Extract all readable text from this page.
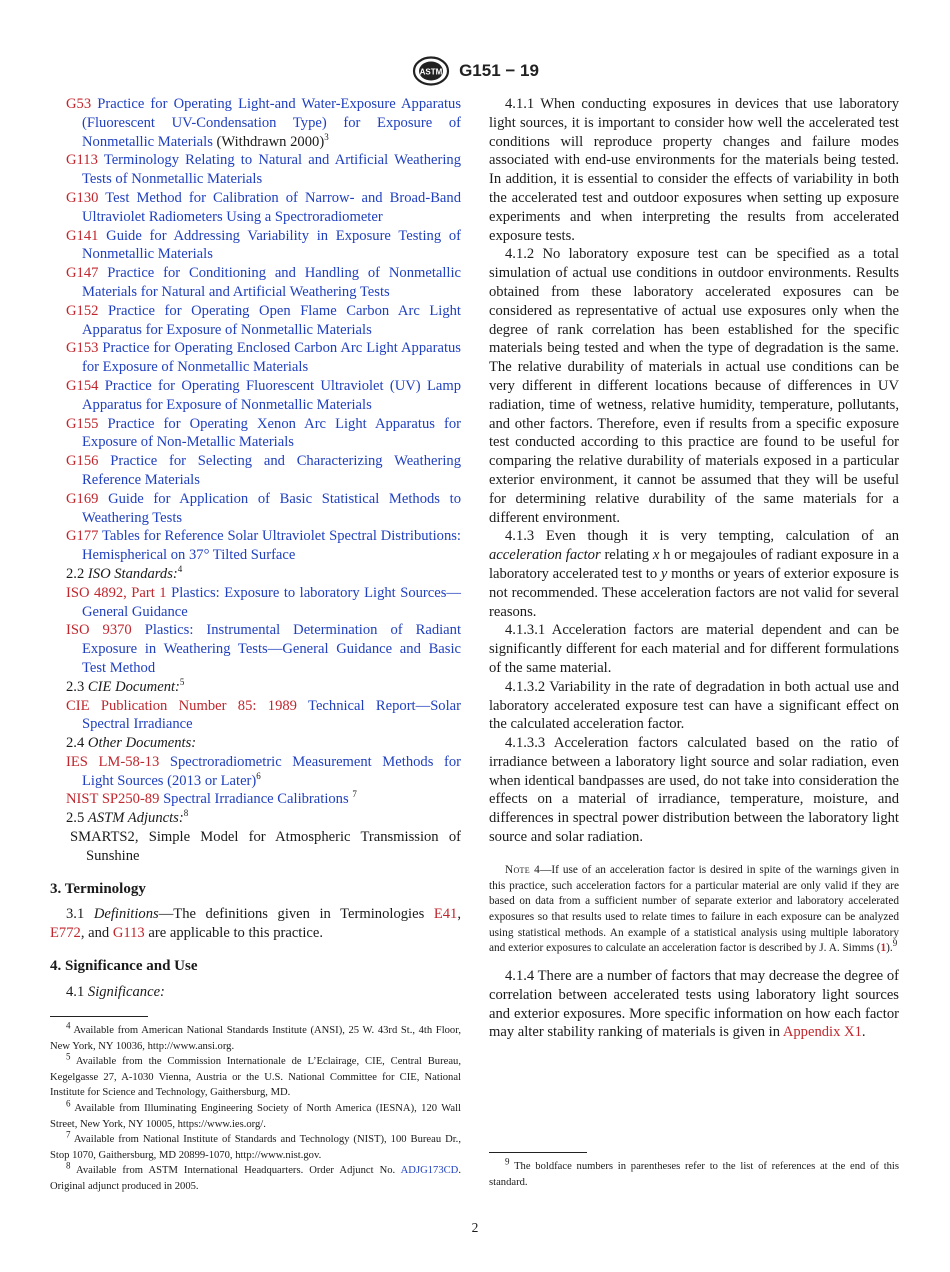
ASTM G151 − 19

G53 Practice for Operating Light-and Water-Exposure Apparatus (Fluorescent UV-Condensation Type) for Exposure of Nonmetallic Materials (Withdrawn 2000)$^3$

G113 Terminology Relating to Natural and Artificial Weathering Tests of Nonmetallic Materials

G130 Test Method for Calibration of Narrow- and Broad-Band Ultraviolet Radiometers Using a Spectroradiometer

G141 Guide for Addressing Variability in Exposure Testing of Nonmetallic Materials

G147 Practice for Conditioning and Handling of Nonmetallic Materials for Natural and Artificial Weathering Tests

G152 Practice for Operating Open Flame Carbon Arc Light Apparatus for Exposure of Nonmetallic Materials

G153 Practice for Operating Enclosed Carbon Arc Light Apparatus for Exposure of Nonmetallic Materials

G154 Practice for Operating Fluorescent Ultraviolet (UV) Lamp Apparatus for Exposure of Nonmetallic Materials

G155 Practice for Operating Xenon Arc Light Apparatus for Exposure of Non-Metallic Materials

G156 Practice for Selecting and Characterizing Weathering Reference Materials

G169 Guide for Application of Basic Statistical Methods to Weathering Tests

G177 Tables for Reference Solar Ultraviolet Spectral Distributions: Hemispherical on 37° Tilted Surface

2.2 ISO Standards:$^4$

ISO 4892, Part 1 Plastics: Exposure to laboratory Light Sources—General Guidance

ISO 9370 Plastics: Instrumental Determination of Radiant Exposure in Weathering Tests—General Guidance and Basic Test Method

2.3 CIE Document:$^5$

CIE Publication Number 85: 1989 Technical Report—Solar Spectral Irradiance

2.4 Other Documents:

IES LM-58-13 Spectroradiometric Measurement Methods for Light Sources (2013 or Later)$^6$

NIST SP250-89 Spectral Irradiance Calibrations $^7$

2.5 ASTM Adjuncts:$^8$

SMARTS2, Simple Model for Atmospheric Transmission of Sunshine

3. Terminology

3.1 Definitions—The definitions given in Terminologies E41, E772, and G113 are applicable to this practice.

4. Significance and Use

4.1 Significance:

$^4$ Available from American National Standards Institute (ANSI), 25 W. 43rd St., 4th Floor, New York, NY 10036, http://www.ansi.org.

$^5$ Available from the Commission Internationale de L’Eclairage, CIE, Central Bureau, Kegelgasse 27, A-1030 Vienna, Austria or the U.S. National Committee for CIE, National Institute for Science and Technology, Gaithersburg, MD.

$^6$ Available from Illuminating Engineering Society of North America (IESNA), 120 Wall Street, New York, NY 10005, https://www.ies.org/.

$^7$ Available from National Institute of Standards and Technology (NIST), 100 Bureau Dr., Stop 1070, Gaithersburg, MD 20899-1070, http://www.nist.gov.

$^8$ Available from ASTM International Headquarters. Order Adjunct No. ADJG173CD. Original adjunct produced in 2005.

4.1.1 When conducting exposures in devices that use laboratory light sources, it is important to consider how well the accelerated test conditions will reproduce property changes and failure modes associated with end-use environments for the materials being tested. In addition, it is essential to consider the effects of variability in both the accelerated test and outdoor exposures when setting up exposure experiments and when interpreting the results from accelerated exposure tests.

4.1.2 No laboratory exposure test can be specified as a total simulation of actual use conditions in outdoor environments. Results obtained from these laboratory accelerated exposures can be considered as representative of actual use exposures only when the degree of rank correlation has been established for the specific materials being tested and when the type of degradation is the same. The relative durability of materials in actual use conditions can be very different in different locations because of differences in UV radiation, time of wetness, relative humidity, temperature, pollutants, and other factors. Therefore, even if results from a specific exposure test conducted according to this practice are found to be useful for comparing the relative durability of materials exposed in a particular exterior environment, it cannot be assumed that they will be useful for determining relative durability of the same materials for a different environment.

4.1.3 Even though it is very tempting, calculation of an acceleration factor relating x h or megajoules of radiant exposure in a laboratory accelerated test to y months or years of exterior exposure is not recommended. These acceleration factors are not valid for several reasons.

4.1.3.1 Acceleration factors are material dependent and can be significantly different for each material and for different formulations of the same material.

4.1.3.2 Variability in the rate of degradation in both actual use and laboratory accelerated exposure test can have a significant effect on the calculated acceleration factor.

4.1.3.3 Acceleration factors calculated based on the ratio of irradiance between a laboratory light source and solar radiation, even when identical bandpasses are used, do not take into consideration the effects on a material of irradiance, temperature, moisture, and differences in spectral power distribution between the laboratory light source and solar radiation.

Note 4—If use of an acceleration factor is desired in spite of the warnings given in this practice, such acceleration factors for a particular material are only valid if they are based on data from a sufficient number of separate exterior and laboratory accelerated exposures so that results used to relate times to failure in each exposure can be analyzed using statistical methods. An example of a statistical analysis using multiple laboratory and exterior exposures to calculate an acceleration factor is described by J. A. Simms (1).$^9$

4.1.4 There are a number of factors that may decrease the degree of correlation between accelerated tests using laboratory light sources and exterior exposures. More specific information on how each factor may alter stability ranking of materials is given in Appendix X1.

$^9$ The boldface numbers in parentheses refer to the list of references at the end of this standard.

2
